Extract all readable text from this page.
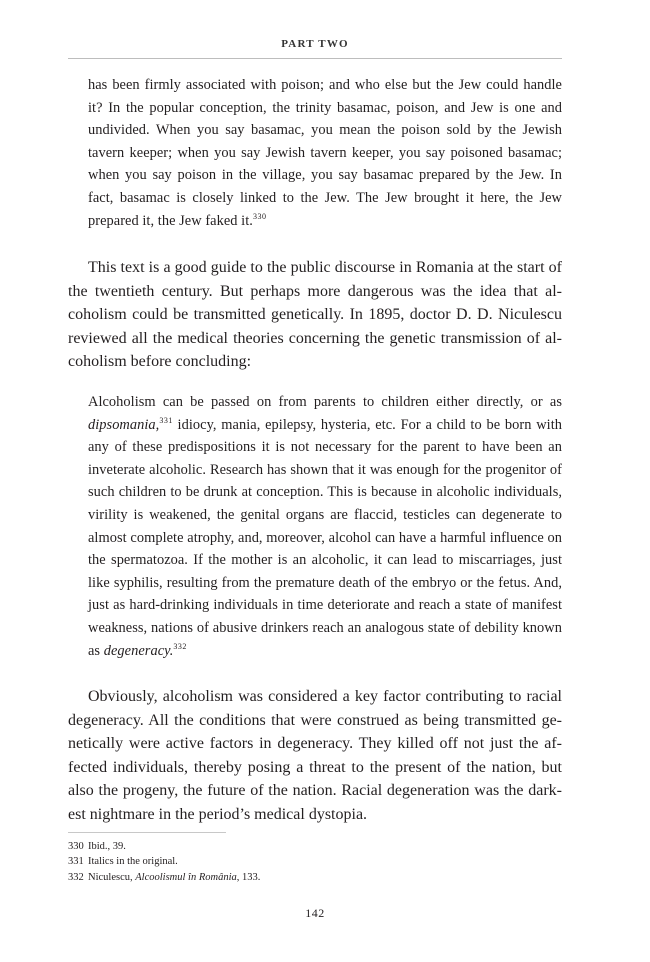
PART TWO
has been firmly associated with poison; and who else but the Jew could handle it? In the popular conception, the trinity basamac, poison, and Jew is one and undivided. When you say basamac, you mean the poison sold by the Jewish tavern keeper; when you say Jewish tavern keeper, you say poisoned basamac; when you say poison in the village, you say basamac prepared by the Jew. In fact, basamac is closely linked to the Jew. The Jew brought it here, the Jew prepared it, the Jew faked it.$^{330}$
This text is a good guide to the public discourse in Romania at the start of the twentieth century. But perhaps more dangerous was the idea that alcoholism could be transmitted genetically. In 1895, doctor D. D. Niculescu reviewed all the medical theories concerning the genetic transmission of alcoholism before concluding:
Alcoholism can be passed on from parents to children either directly, or as dipsomania,$^{331}$ idiocy, mania, epilepsy, hysteria, etc. For a child to be born with any of these predispositions it is not necessary for the parent to have been an inveterate alcoholic. Research has shown that it was enough for the progenitor of such children to be drunk at conception. This is because in alcoholic individuals, virility is weakened, the genital organs are flaccid, testicles can degenerate to almost complete atrophy, and, moreover, alcohol can have a harmful influence on the spermatozoa. If the mother is an alcoholic, it can lead to miscarriages, just like syphilis, resulting from the premature death of the embryo or the fetus. And, just as hard-drinking individuals in time deteriorate and reach a state of manifest weakness, nations of abusive drinkers reach an analogous state of debility known as degeneracy.$^{332}$
Obviously, alcoholism was considered a key factor contributing to racial degeneracy. All the conditions that were construed as being transmitted genetically were active factors in degeneracy. They killed off not just the affected individuals, thereby posing a threat to the present of the nation, but also the progeny, the future of the nation. Racial degeneration was the darkest nightmare in the period’s medical dystopia.
330 Ibid., 39.
331 Italics in the original.
332 Niculescu, Alcoolismul în România, 133.
142
